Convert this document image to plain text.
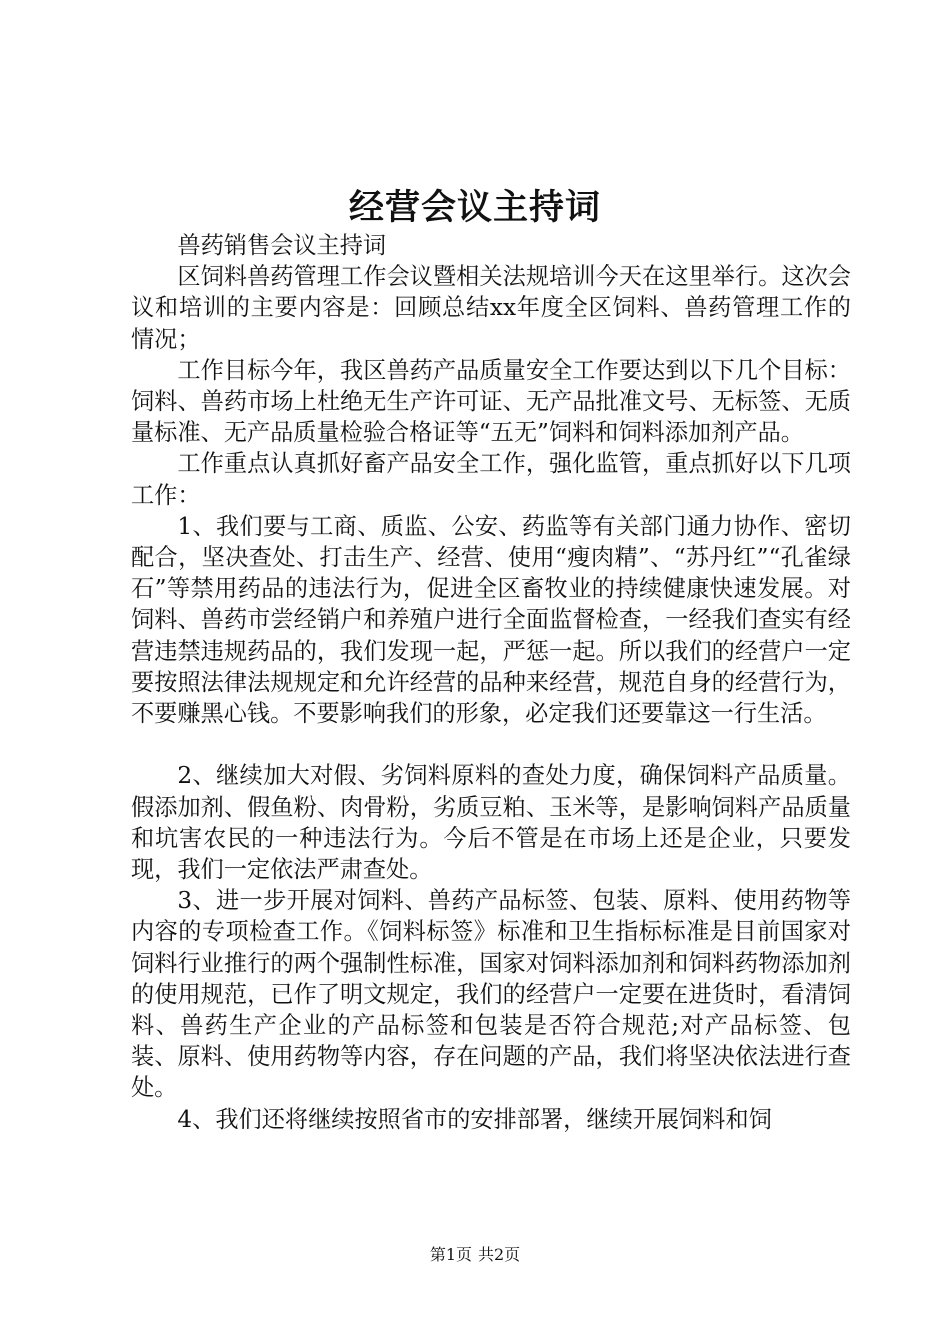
经营会议主持词

兽药销售会议主持词

区饲料兽药管理工作会议暨相关法规培训今天在这里举行。这次会议和培训的主要内容是：回顾总结xx年度全区饲料、兽药管理工作的情况；

工作目标今年，我区兽药产品质量安全工作要达到以下几个目标：饲料、兽药市场上杜绝无生产许可证、无产品批准文号、无标签、无质量标准、无产品质量检验合格证等“五无”饲料和饲料添加剂产品。

工作重点认真抓好畜产品安全工作，强化监管，重点抓好以下几项工作：

1、我们要与工商、质监、公安、药监等有关部门通力协作、密切配合，坚决查处、打击生产、经营、使用“瘦肉精”、“苏丹红”“孔雀绿石”等禁用药品的违法行为，促进全区畜牧业的持续健康快速发展。对饲料、兽药市尝经销户和养殖户进行全面监督检查，一经我们查实有经营违禁违规药品的，我们发现一起，严惩一起。所以我们的经营户一定要按照法律法规规定和允许经营的品种来经营，规范自身的经营行为，不要赚黑心钱。不要影响我们的形象，必定我们还要靠这一行生活。

2、继续加大对假、劣饲料原料的查处力度，确保饲料产品质量。假添加剂、假鱼粉、肉骨粉，劣质豆粕、玉米等，是影响饲料产品质量和坑害农民的一种违法行为。今后不管是在市场上还是企业，只要发现，我们一定依法严肃查处。

3、进一步开展对饲料、兽药产品标签、包装、原料、使用药物等内容的专项检查工作。《饲料标签》标准和卫生指标标准是目前国家对饲料行业推行的两个强制性标准，国家对饲料添加剂和饲料药物添加剂的使用规范，已作了明文规定，我们的经营户一定要在进货时，看清饲料、兽药生产企业的产品标签和包装是否符合规范;对产品标签、包装、原料、使用药物等内容，存在问题的产品，我们将坚决依法进行查处。

4、我们还将继续按照省市的安排部署，继续开展饲料和饲

第1页 共2页
